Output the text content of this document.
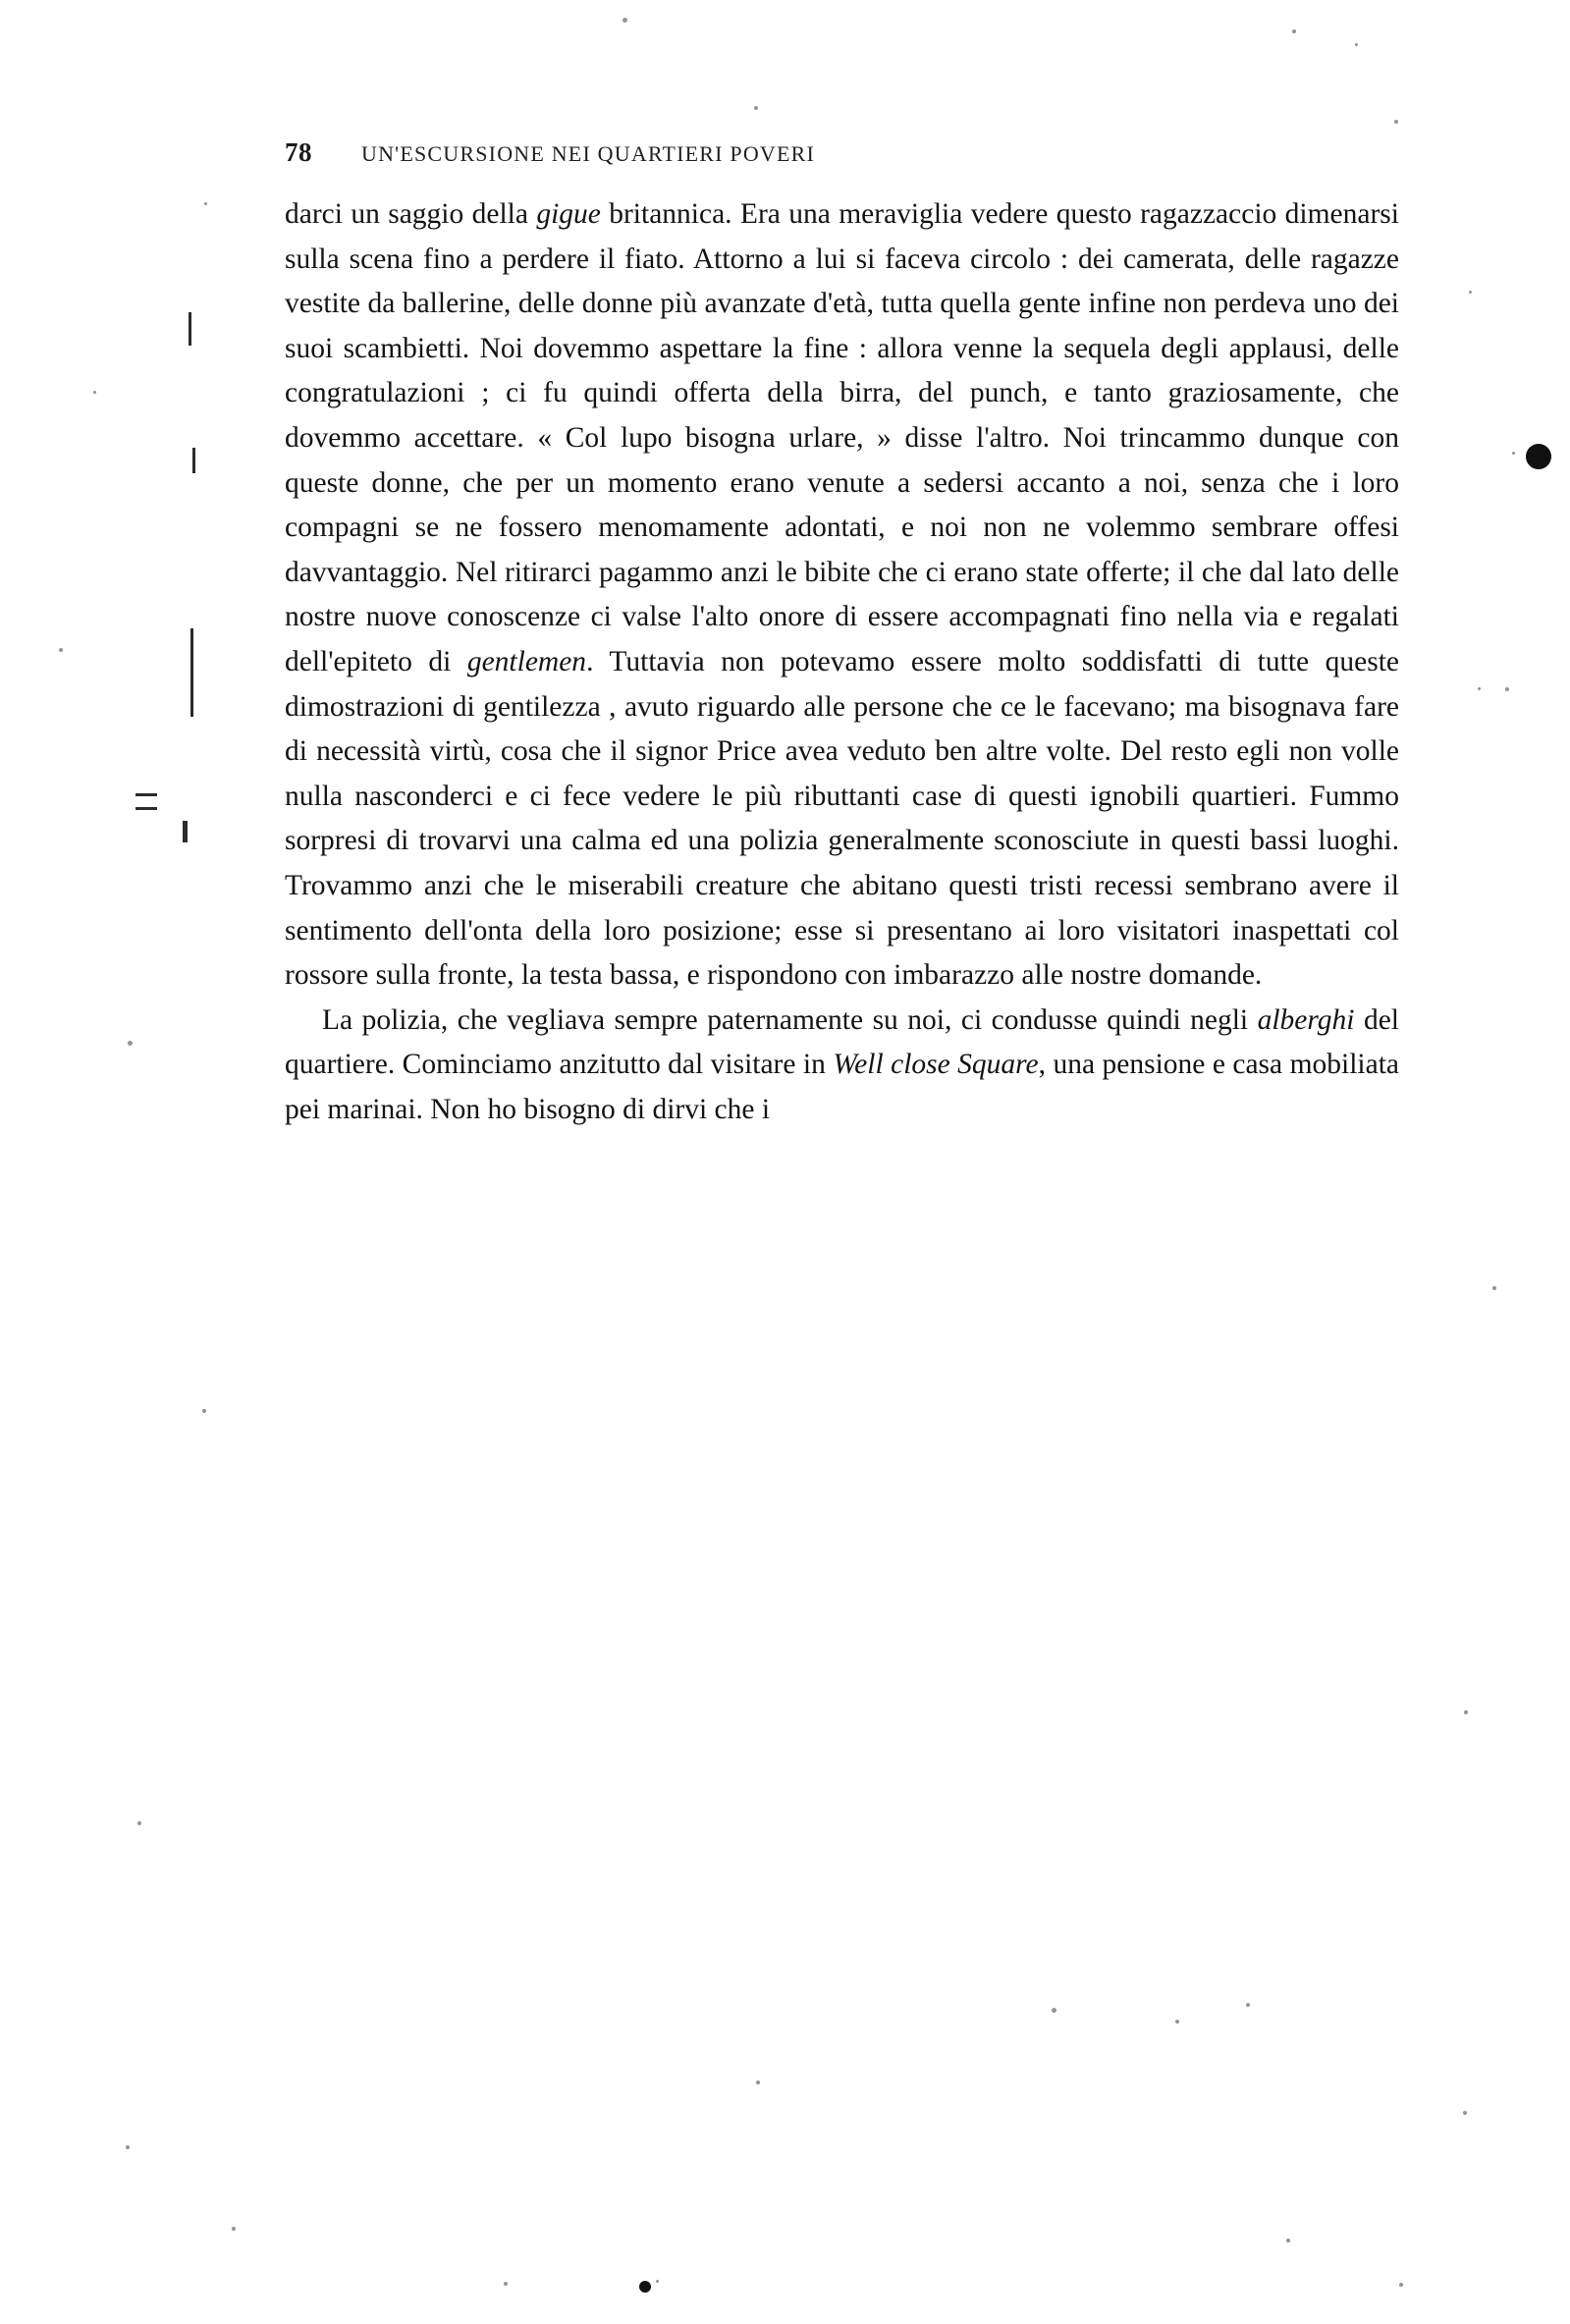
78	UN'ESCURSIONE NEI QUARTIERI POVERI

darci un saggio della gigue britannica. Era una meraviglia vedere questo ragazzaccio dimenarsi sulla scena fino a perdere il fiato. Attorno a lui si faceva circolo : dei camerata, delle ragazze vestite da ballerine, delle donne più avanzate d'età, tutta quella gente infine non perdeva uno dei suoi scambietti. Noi dovemmo aspettare la fine : allora venne la sequela degli applausi, delle congratulazioni ; ci fu quindi offerta della birra, del punch, e tanto graziosamente, che dovemmo accettare. « Col lupo bisogna urlare, » disse l'altro. Noi trincammo dunque con queste donne, che per un momento erano venute a sedersi accanto a noi, senza che i loro compagni se ne fossero menomamente adontati, e noi non ne volemmo sembrare offesi davvantaggio. Nel ritirarci pagammo anzi le bibite che ci erano state offerte; il che dal lato delle nostre nuove conoscenze ci valse l'alto onore di essere accompagnati fino nella via e regalati dell'epiteto di gentlemen. Tuttavia non potevamo essere molto soddisfatti di tutte queste dimostrazioni di gentilezza , avuto riguardo alle persone che ce le facevano; ma bisognava fare di necessità virtù, cosa che il signor Price avea veduto ben altre volte. Del resto egli non volle nulla nasconderci e ci fece vedere le più ributtanti case di questi ignobili quartieri. Fummo sorpresi di trovarvi una calma ed una polizia generalmente sconosciute in questi bassi luoghi. Trovammo anzi che le miserabili creature che abitano questi tristi recessi sembrano avere il sentimento dell'onta della loro posizione; esse si presentano ai loro visitatori inaspettati col rossore sulla fronte, la testa bassa, e rispondono con imbarazzo alle nostre domande.

La polizia, che vegliava sempre paternamente su noi, ci condusse quindi negli alberghi del quartiere. Cominciamo anzitutto dal visitare in Well close Square, una pensione e casa mobiliata pei marinai. Non ho bisogno di dirvi che i
